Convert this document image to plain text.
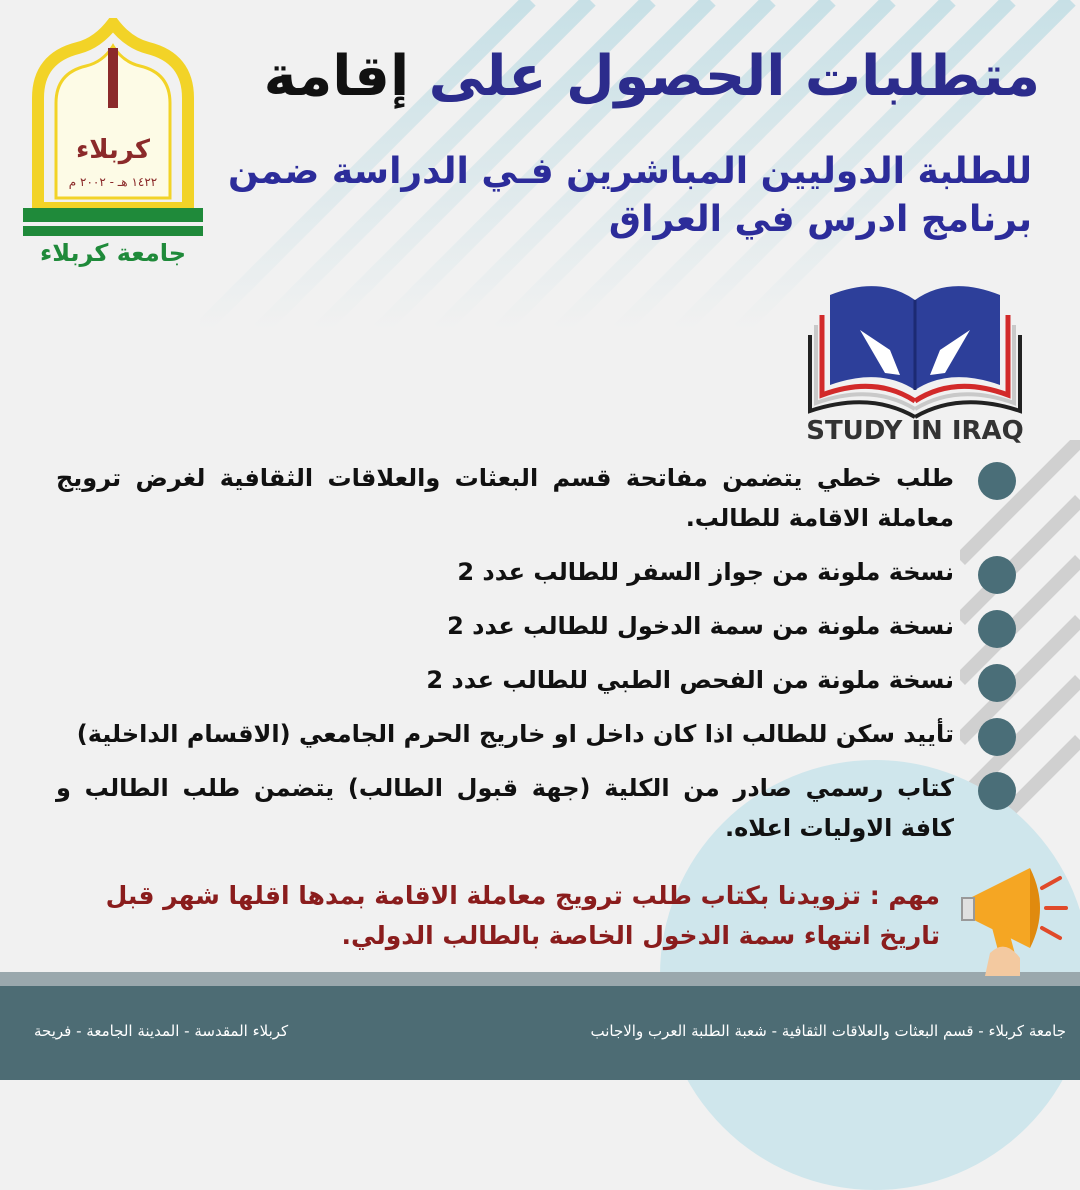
كربلاء
١٤٢٢ هـ - ٢٠٠٢ م
جامعة كربلاء
متطلبات الحصول على إقامة

للطلبة الدوليين المباشرين فـي الدراسة ضمن برنامج ادرس في العراق

STUDY IN IRAQ
طلب خطي يتضمن مفاتحة قسم البعثات والعلاقات الثقافية لغرض ترويج معاملة الاقامة للطالب.
نسخة ملونة من جواز السفر للطالب عدد 2
نسخة ملونة من سمة الدخول للطالب عدد 2
نسخة ملونة من الفحص الطبي للطالب عدد 2
تأييد سكن للطالب اذا كان داخل او خاريج الحرم الجامعي (الاقسام الداخلية)
كتاب رسمي صادر من الكلية (جهة قبول الطالب) يتضمن طلب الطالب و كافة الاوليات اعلاه.

مهم : تزويدنا بكتاب طلب ترويج معاملة الاقامة بمدها اقلها شهر قبل تاريخ انتهاء سمة الدخول الخاصة بالطالب الدولي.

جامعة كربلاء - قسم البعثات والعلاقات الثقافية - شعبة الطلبة العرب والاجانب
كربلاء المقدسة - المدينة الجامعة - فريحة
